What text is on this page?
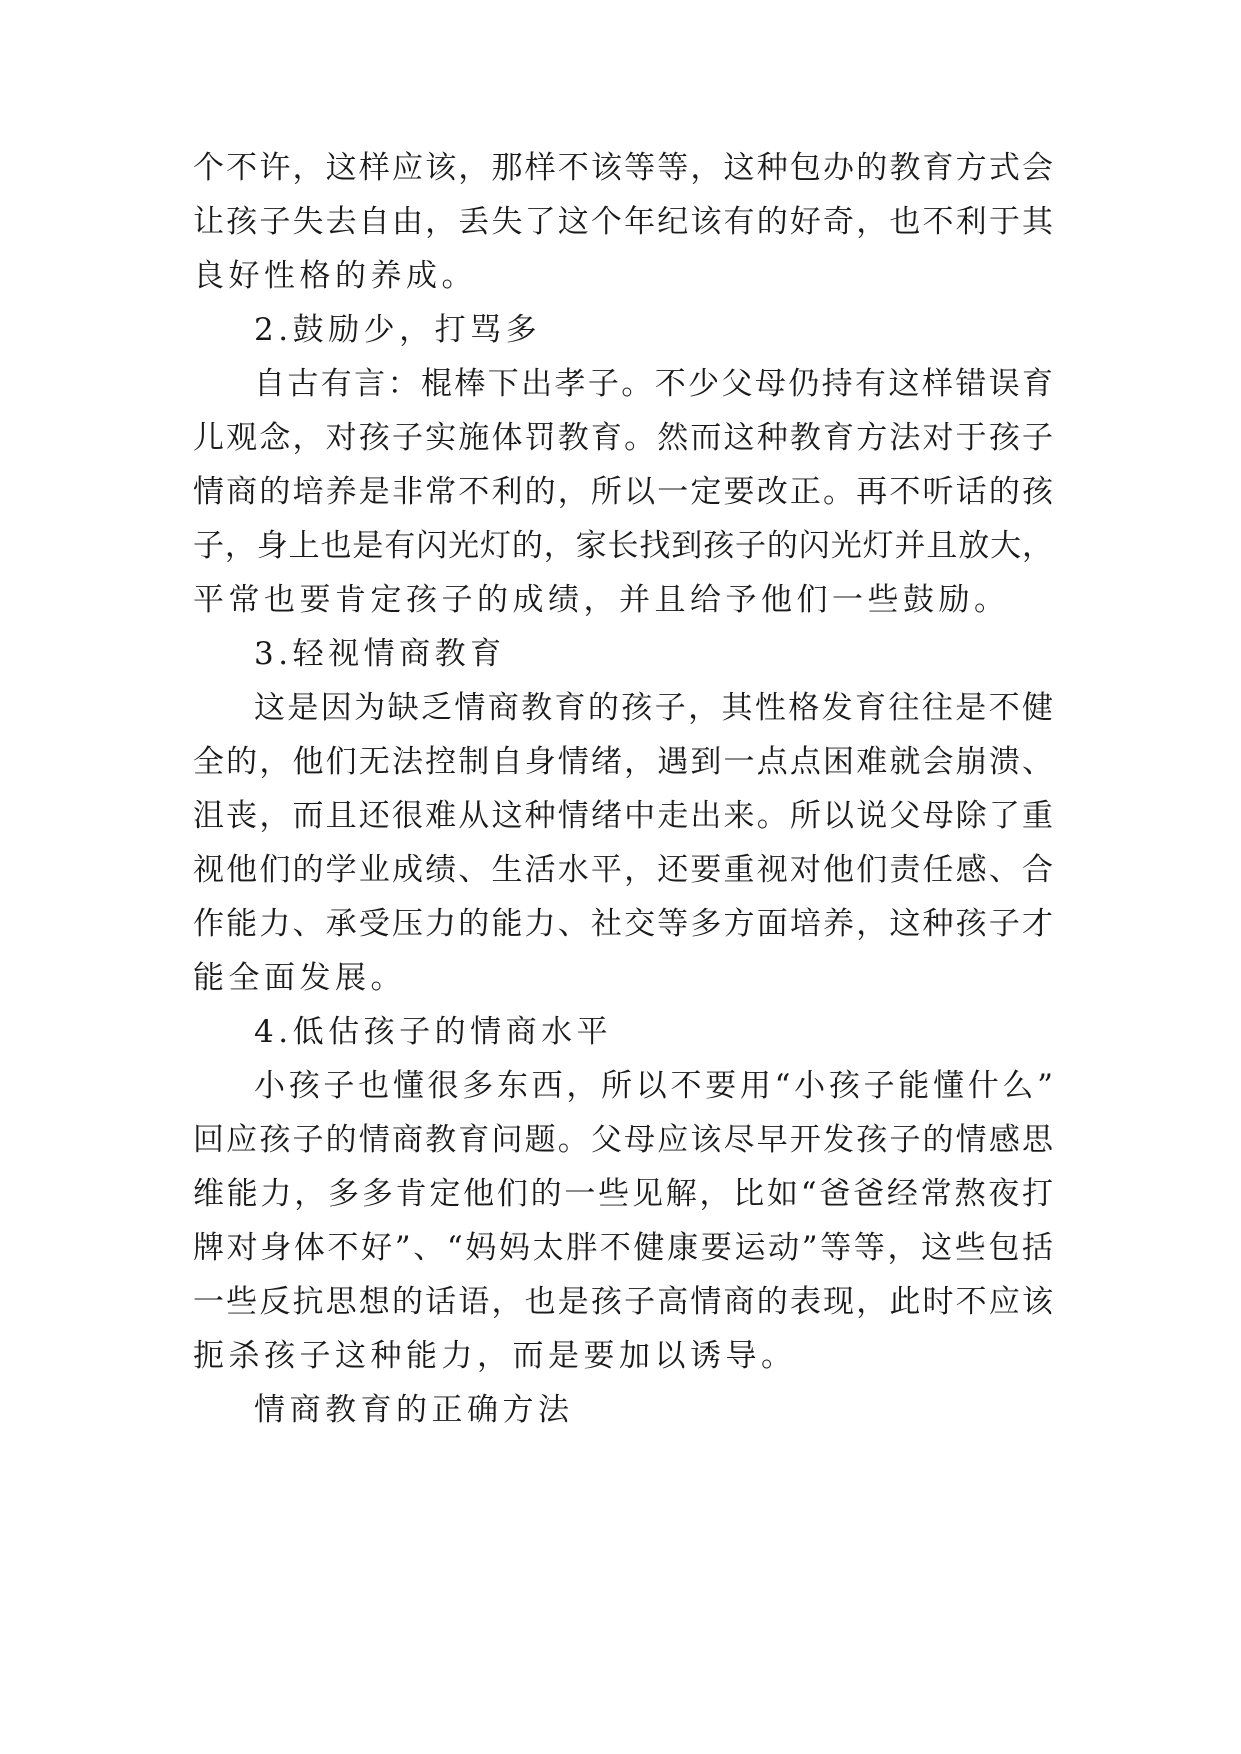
个不许，这样应该，那样不该等等，这种包办的教育方式会
让孩子失去自由，丢失了这个年纪该有的好奇，也不利于其
良好性格的养成。
2.鼓励少，打骂多
自古有言：棍棒下出孝子。不少父母仍持有这样错误育
儿观念，对孩子实施体罚教育。然而这种教育方法对于孩子
情商的培养是非常不利的，所以一定要改正。再不听话的孩
子，身上也是有闪光灯的，家长找到孩子的闪光灯并且放大，
平常也要肯定孩子的成绩，并且给予他们一些鼓励。
3.轻视情商教育
这是因为缺乏情商教育的孩子，其性格发育往往是不健
全的，他们无法控制自身情绪，遇到一点点困难就会崩溃、
沮丧，而且还很难从这种情绪中走出来。所以说父母除了重
视他们的学业成绩、生活水平，还要重视对他们责任感、合
作能力、承受压力的能力、社交等多方面培养，这种孩子才
能全面发展。
4.低估孩子的情商水平
小孩子也懂很多东西，所以不要用“小孩子能懂什么”
回应孩子的情商教育问题。父母应该尽早开发孩子的情感思
维能力，多多肯定他们的一些见解，比如“爸爸经常熬夜打
牌对身体不好”、“妈妈太胖不健康要运动”等等，这些包括
一些反抗思想的话语，也是孩子高情商的表现，此时不应该
扼杀孩子这种能力，而是要加以诱导。
情商教育的正确方法
